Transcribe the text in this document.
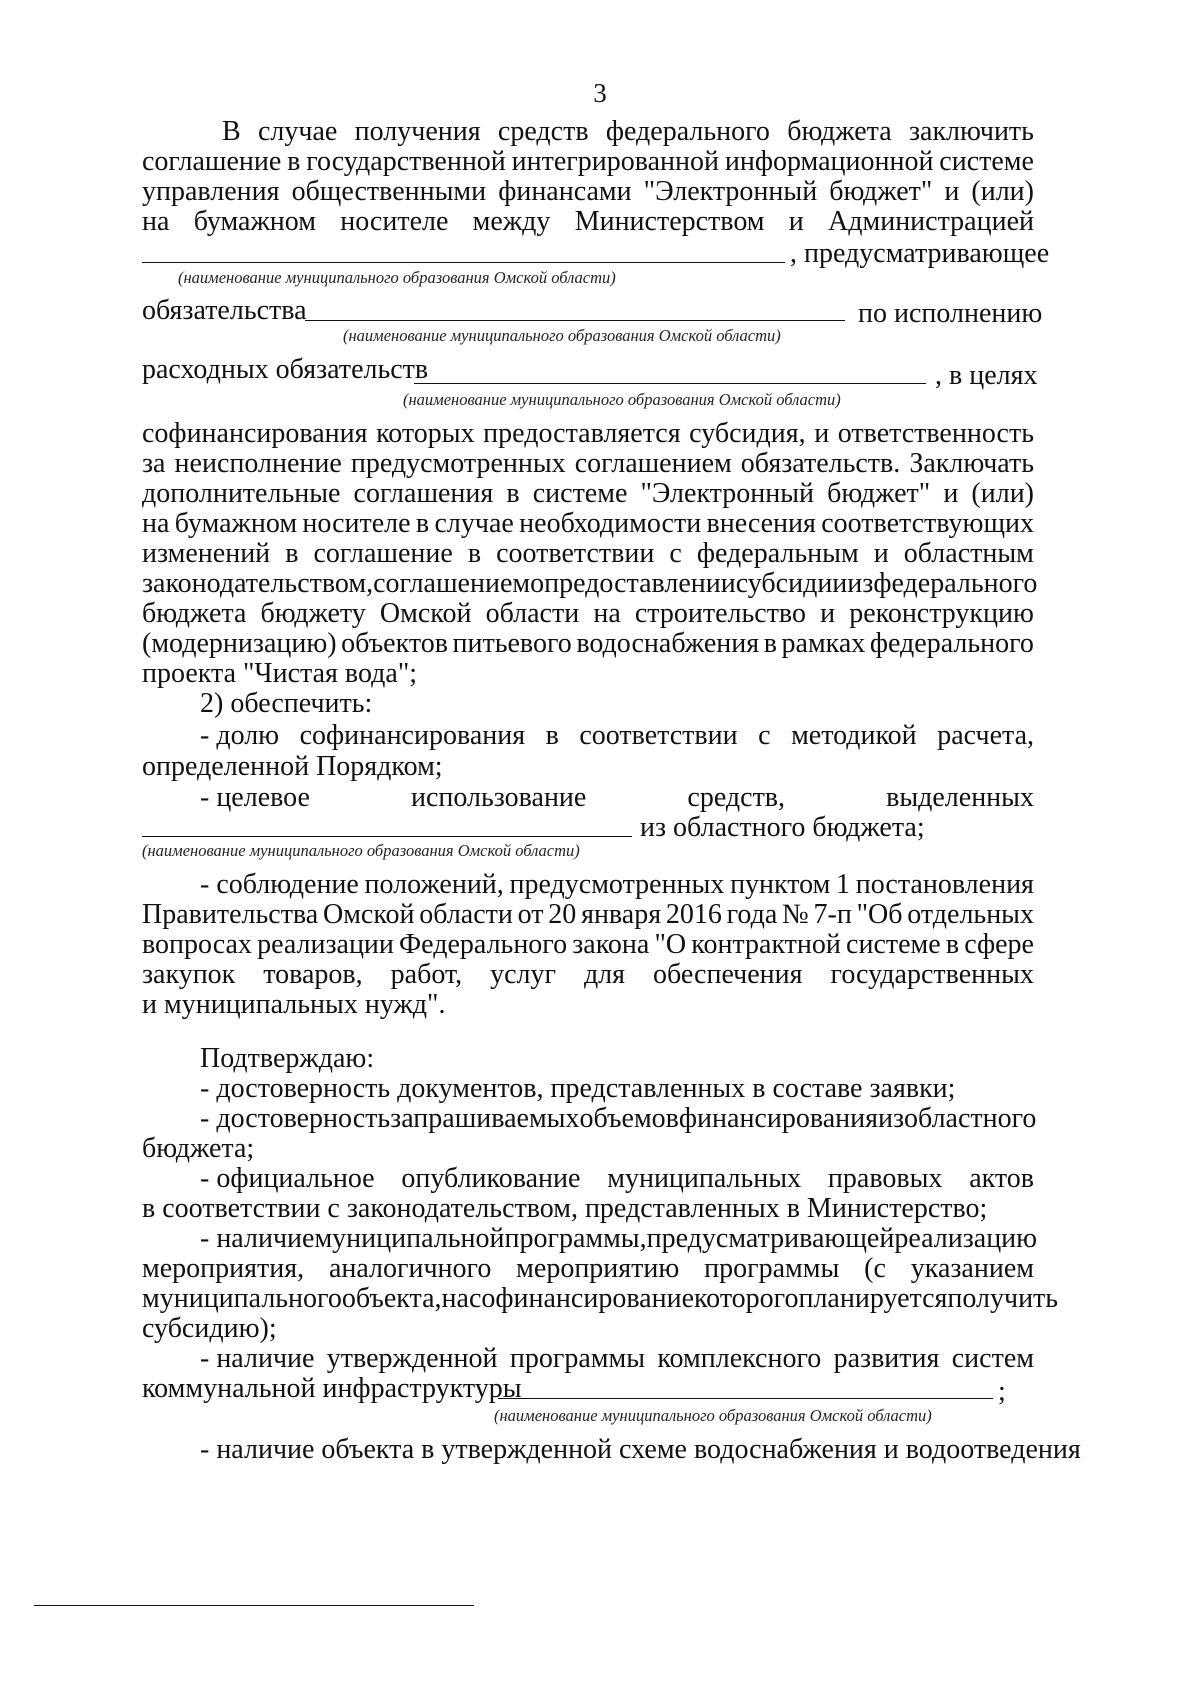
3
В случае получения средств федерального бюджета заключить
соглашение в государственной интегрированной информационной системе
управления общественными финансами "Электронный бюджет" и (или)
на бумажном носителе между Министерством и Администрацией
, предусматривающее
(наименование муниципального образования Омской области)
обязательства	по исполнению
(наименование муниципального образования Омской области)
расходных обязательств	, в целях
(наименование муниципального образования Омской области)
софинансирования которых предоставляется субсидия, и ответственность
за неисполнение предусмотренных соглашением обязательств. Заключать
дополнительные соглашения в системе "Электронный бюджет" и (или)
на бумажном носителе в случае необходимости внесения соответствующих
изменений в соглашение в соответствии с федеральным и областным
законодательством, соглашением о предоставлении субсидии из федерального
бюджета бюджету Омской области на строительство и реконструкцию
(модернизацию) объектов питьевого водоснабжения в рамках федерального
проекта "Чистая вода";
2) обеспечить:
- долю софинансирования в соответствии с методикой расчета,
определенной Порядком;
- целевое	использование	средств,	выделенных
из областного бюджета;
(наименование муниципального образования Омской области)
- соблюдение положений, предусмотренных пунктом 1 постановления
Правительства Омской области от 20 января 2016 года № 7-п "Об отдельных
вопросах реализации Федерального закона "О контрактной системе в сфере
закупок товаров, работ, услуг для обеспечения государственных
и муниципальных нужд".
Подтверждаю:
- достоверность документов, представленных в составе заявки;
- достоверность запрашиваемых объемов финансирования из областного
бюджета;
- официальное опубликование муниципальных правовых актов
в соответствии с законодательством, представленных в Министерство;
- наличие муниципальной программы, предусматривающей реализацию
мероприятия, аналогичного мероприятию программы (с указанием
муниципального объекта, на софинансирование которого планируется получить
субсидию);
- наличие утвержденной программы комплексного развития систем
коммунальной инфраструктуры	;
(наименование муниципального образования Омской области)
- наличие объекта в утвержденной схеме водоснабжения и водоотведения
